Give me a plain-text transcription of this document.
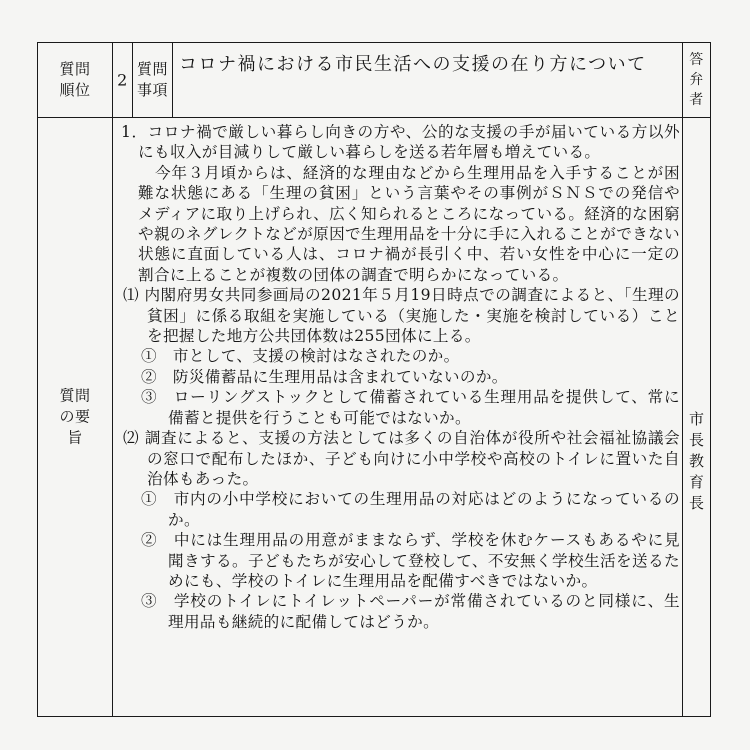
質問
順位
2
質問
事項
コロナ禍における市民生活への支援の在り方について	答弁
者
質問
の要
旨

1．コロナ禍で厳しい暮らし向きの方や、公的な支援の手が届いている方以外にも収入が目減りして厳しい暮らしを送る若年層も増えている。

今年３月頃からは、経済的な理由などから生理用品を入手することが困難な状態にある「生理の貧困」という言葉やその事例がＳＮＳでの発信やメディアに取り上げられ、広く知られるところになっている。経済的な困窮や親のネグレクトなどが原因で生理用品を十分に手に入れることができない状態に直面している人は、コロナ禍が長引く中、若い女性を中心に一定の割合に上ることが複数の団体の調査で明らかになっている。

⑴ 内閣府男女共同参画局の2021年５月19日時点での調査によると、「生理の貧困」に係る取組を実施している（実施した・実施を検討している）ことを把握した地方公共団体数は255団体に上る。

①　市として、支援の検討はなされたのか。

②　防災備蓄品に生理用品は含まれていないのか。

③　ローリングストックとして備蓄されている生理用品を提供して、常に備蓄と提供を行うことも可能ではないか。

⑵ 調査によると、支援の方法としては多くの自治体が役所や社会福祉協議会の窓口で配布したほか、子ども向けに小中学校や高校のトイレに置いた自治体もあった。

①　市内の小中学校においての生理用品の対応はどのようになっているのか。

②　中には生理用品の用意がままならず、学校を休むケースもあるやに見聞きする。子どもたちが安心して登校して、不安無く学校生活を送るためにも、学校のトイレに生理用品を配備すべきではないか。

③　学校のトイレにトイレットペーパーが常備されているのと同様に、生理用品も継続的に配備してはどうか。

市長
教育長
